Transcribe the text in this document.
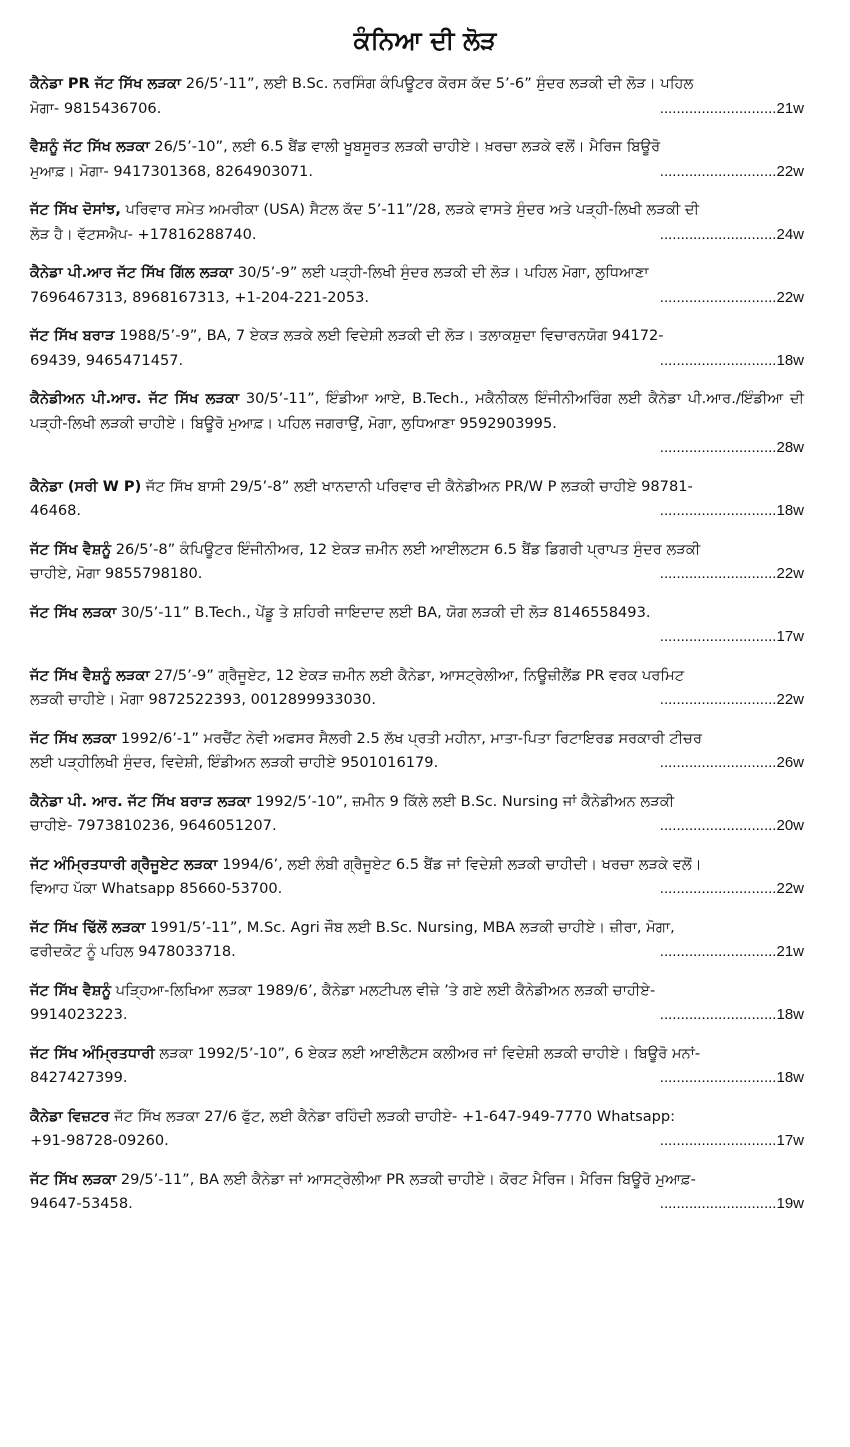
ਕੰਨਿਆ ਦੀ ਲੋੜ
ਕੈਨੇਡਾ PR ਜੱਟ ਸਿੱਖ ਲੜਕਾ 26/5’-11”, ਲਈ B.Sc. ਨਰਸਿੰਗ ਕੰਪਿਊਟਰ ਕੋਰਸ ਕੱਦ 5’-6” ਸੁੰਦਰ ਲੜਕੀ ਦੀ ਲੋੜ। ਪਹਿਲ
ਮੋਗਾ- 9815436706.	............................21w
ਵੈਸ਼ਨੂੰ ਜੱਟ ਸਿੱਖ ਲੜਕਾ 26/5’-10”, ਲਈ 6.5 ਬੈਂਡ ਵਾਲੀ ਖੂਬਸੂਰਤ ਲੜਕੀ ਚਾਹੀਏ। ਖ਼ਰਚਾ ਲੜਕੇ ਵਲੋਂ। ਮੈਰਿਜ ਬਿਊਰੋ
ਮੁਆਫ਼। ਮੋਗਾ- 9417301368, 8264903071.	............................22w
ਜੱਟ ਸਿੱਖ ਦੋਸਾਂਝ, ਪਰਿਵਾਰ ਸਮੇਤ ਅਮਰੀਕਾ (USA) ਸੈਟਲ ਕੱਦ 5’-11”/28, ਲੜਕੇ ਵਾਸਤੇ ਸੁੰਦਰ ਅਤੇ ਪੜ੍ਹੀ-ਲਿਖੀ ਲੜਕੀ ਦੀ
ਲੋੜ ਹੈ। ਵੱਟਸਐਪ- +17816288740.	............................24w
ਕੈਨੇਡਾ ਪੀ.ਆਰ ਜੱਟ ਸਿੱਖ ਗਿੱਲ ਲੜਕਾ 30/5’-9” ਲਈ ਪੜ੍ਹੀ-ਲਿਖੀ ਸੁੰਦਰ ਲੜਕੀ ਦੀ ਲੋੜ। ਪਹਿਲ ਮੋਗਾ, ਲੁਧਿਆਣਾ
7696467313, 8968167313, +1-204-221-2053.	............................22w
ਜੱਟ ਸਿੱਖ ਬਰਾੜ 1988/5’-9”, BA, 7 ਏਕੜ ਲੜਕੇ ਲਈ ਵਿਦੇਸ਼ੀ ਲੜਕੀ ਦੀ ਲੋੜ। ਤਲਾਕਸ਼ੁਦਾ ਵਿਚਾਰਨਯੋਗ 94172-
69439, 9465471457.	............................18w
ਕੈਨੇਡੀਅਨ ਪੀ.ਆਰ. ਜੱਟ ਸਿੱਖ ਲੜਕਾ 30/5’-11”, ਇੰਡੀਆ ਆਏ, B.Tech., ਮਕੈਨੀਕਲ ਇੰਜੀਨੀਅਰਿੰਗ ਲਈ ਕੈਨੇਡਾ ਪੀ.ਆਰ./ਇੰਡੀਆ ਦੀ ਪੜ੍ਹੀ-ਲਿਖੀ ਲੜਕੀ ਚਾਹੀਏ। ਬਿਊਰੋ ਮੁਆਫ਼। ਪਹਿਲ ਜਗਰਾਉਂ, ਮੋਗਾ, ਲੁਧਿਆਣਾ 9592903995.
............................28w
ਕੈਨੇਡਾ (ਸਰੀ W P) ਜੱਟ ਸਿੱਖ ਬਾਸੀ 29/5’-8” ਲਈ ਖਾਨਦਾਨੀ ਪਰਿਵਾਰ ਦੀ ਕੈਨੇਡੀਅਨ PR/W P ਲੜਕੀ ਚਾਹੀਏ 98781-
46468.	............................18w
ਜੱਟ ਸਿੱਖ ਵੈਸ਼ਨੂੰ 26/5’-8” ਕੰਪਿਊਟਰ ਇੰਜੀਨੀਅਰ, 12 ਏਕੜ ਜ਼ਮੀਨ ਲਈ ਆਈਲਟਸ 6.5 ਬੈਂਡ ਡਿਗਰੀ ਪ੍ਰਾਪਤ ਸੁੰਦਰ ਲੜਕੀ
ਚਾਹੀਏ, ਮੋਗਾ 9855798180.	............................22w
ਜੱਟ ਸਿੱਖ ਲੜਕਾ 30/5’-11” B.Tech., ਪੇਂਡੂ ਤੇ ਸ਼ਹਿਰੀ ਜਾਇਦਾਦ ਲਈ BA, ਯੋਗ ਲੜਕੀ ਦੀ ਲੋੜ 8146558493.
............................17w
ਜੱਟ ਸਿੱਖ ਵੈਸ਼ਨੂੰ ਲੜਕਾ 27/5’-9” ਗ੍ਰੈਜੂਏਟ, 12 ਏਕੜ ਜ਼ਮੀਨ ਲਈ ਕੈਨੇਡਾ, ਆਸਟ੍ਰੇਲੀਆ, ਨਿਊਜ਼ੀਲੈਂਡ PR ਵਰਕ ਪਰਮਿਟ
ਲੜਕੀ ਚਾਹੀਏ। ਮੋਗਾ 9872522393, 0012899933030.	............................22w
ਜੱਟ ਸਿੱਖ ਲੜਕਾ 1992/6’-1” ਮਰਚੈਂਟ ਨੇਵੀ ਅਫਸਰ ਸੈਲਰੀ 2.5 ਲੱਖ ਪ੍ਰਤੀ ਮਹੀਨਾ, ਮਾਤਾ-ਪਿਤਾ ਰਿਟਾਇਰਡ ਸਰਕਾਰੀ ਟੀਚਰ
ਲਈ ਪੜ੍ਹੀਲਿਖੀ ਸੁੰਦਰ, ਵਿਦੇਸ਼ੀ, ਇੰਡੀਅਨ ਲੜਕੀ ਚਾਹੀਏ 9501016179.	............................26w
ਕੈਨੇਡਾ ਪੀ. ਆਰ. ਜੱਟ ਸਿੱਖ ਬਰਾੜ ਲੜਕਾ 1992/5’-10”, ਜ਼ਮੀਨ 9 ਕਿੱਲੇ ਲਈ B.Sc. Nursing ਜਾਂ ਕੈਨੇਡੀਅਨ ਲੜਕੀ
ਚਾਹੀਏ- 7973810236, 9646051207.	............................20w
ਜੱਟ ਅੰਮ੍ਰਿਤਧਾਰੀ ਗ੍ਰੈਜੂਏਟ ਲੜਕਾ 1994/6’, ਲਈ ਲੰਬੀ ਗ੍ਰੈਜੂਏਟ 6.5 ਬੈਂਡ ਜਾਂ ਵਿਦੇਸ਼ੀ ਲੜਕੀ ਚਾਹੀਦੀ। ਖਰਚਾ ਲੜਕੇ ਵਲੋਂ।
ਵਿਆਹ ਪੱਕਾ Whatsapp 85660-53700.	............................22w
ਜੱਟ ਸਿੱਖ ਢਿੱਲੋਂ ਲੜਕਾ 1991/5’-11”, M.Sc. Agri ਜੌਬ ਲਈ B.Sc. Nursing, MBA ਲੜਕੀ ਚਾਹੀਏ। ਜ਼ੀਰਾ, ਮੋਗਾ,
ਫਰੀਦਕੋਟ ਨੂੰ ਪਹਿਲ 9478033718.	............................21w
ਜੱਟ ਸਿੱਖ ਵੈਸ਼ਨੂੰ ਪੜ੍ਹਿਆ-ਲਿਖਿਆ ਲੜਕਾ 1989/6’, ਕੈਨੇਡਾ ਮਲਟੀਪਲ ਵੀਜ਼ੇ ’ਤੇ ਗਏ ਲਈ ਕੈਨੇਡੀਅਨ ਲੜਕੀ ਚਾਹੀਏ-
9914023223.	............................18w
ਜੱਟ ਸਿੱਖ ਅੰਮ੍ਰਿਤਧਾਰੀ ਲੜਕਾ 1992/5’-10”, 6 ਏਕੜ ਲਈ ਆਈਲੈਟਸ ਕਲੀਅਰ ਜਾਂ ਵਿਦੇਸ਼ੀ ਲੜਕੀ ਚਾਹੀਏ। ਬਿਊਰੋ ਮਨਾਂ-
8427427399.	............................18w
ਕੈਨੇਡਾ ਵਿਜ਼ਟਰ ਜੱਟ ਸਿੱਖ ਲੜਕਾ 27/6 ਫੁੱਟ, ਲਈ ਕੈਨੇਡਾ ਰਹਿੰਦੀ ਲੜਕੀ ਚਾਹੀਏ- +1-647-949-7770 Whatsapp:
+91-98728-09260.	............................17w
ਜੱਟ ਸਿੱਖ ਲੜਕਾ 29/5’-11”, BA ਲਈ ਕੈਨੇਡਾ ਜਾਂ ਆਸਟ੍ਰੇਲੀਆ PR ਲੜਕੀ ਚਾਹੀਏ। ਕੋਰਟ ਮੈਰਿਜ। ਮੈਰਿਜ ਬਿਊਰੋ ਮੁਆਫ਼-
94647-53458.	............................19w
